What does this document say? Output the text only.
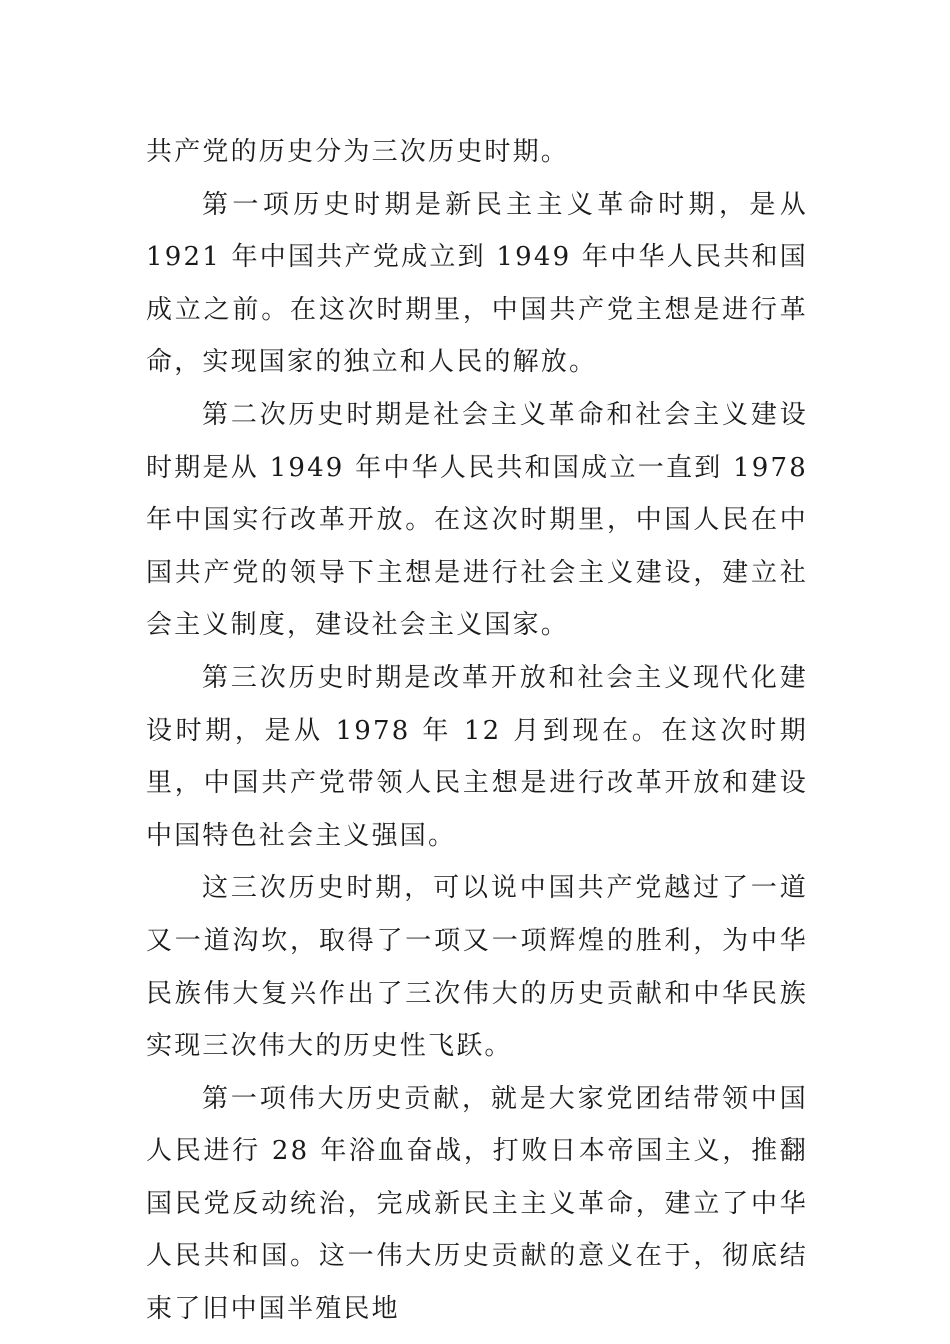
共产党的历史分为三次历史时期。

第一项历史时期是新民主主义革命时期，是从 1921 年中国共产党成立到 1949 年中华人民共和国成立之前。在这次时期里，中国共产党主想是进行革命，实现国家的独立和人民的解放。

第二次历史时期是社会主义革命和社会主义建设时期是从 1949 年中华人民共和国成立一直到 1978 年中国实行改革开放。在这次时期里，中国人民在中国共产党的领导下主想是进行社会主义建设，建立社会主义制度，建设社会主义国家。

第三次历史时期是改革开放和社会主义现代化建设时期，是从 1978 年 12 月到现在。在这次时期里，中国共产党带领人民主想是进行改革开放和建设中国特色社会主义强国。

这三次历史时期，可以说中国共产党越过了一道又一道沟坎，取得了一项又一项辉煌的胜利，为中华民族伟大复兴作出了三次伟大的历史贡献和中华民族实现三次伟大的历史性飞跃。

第一项伟大历史贡献，就是大家党团结带领中国人民进行 28 年浴血奋战，打败日本帝国主义，推翻国民党反动统治，完成新民主主义革命，建立了中华人民共和国。这一伟大历史贡献的意义在于，彻底结束了旧中国半殖民地
